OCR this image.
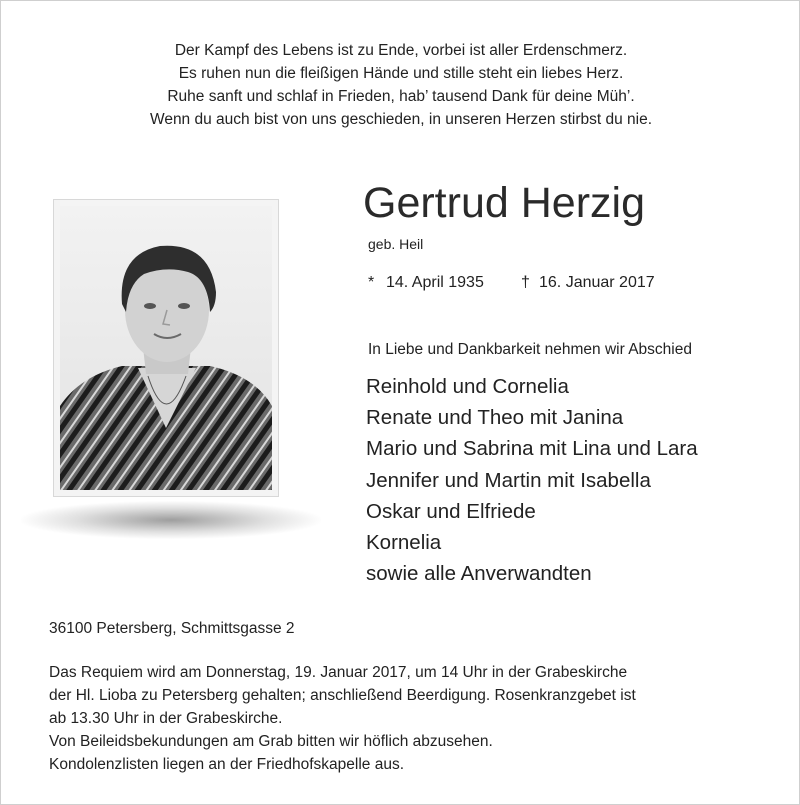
Der Kampf des Lebens ist zu Ende, vorbei ist aller Erdenschmerz.
Es ruhen nun die fleißigen Hände und stille steht ein liebes Herz.
Ruhe sanft und schlaf in Frieden, hab’ tausend Dank für deine Müh’.
Wenn du auch bist von uns geschieden, in unseren Herzen stirbst du nie.
Gertrud Herzig
geb. Heil
* 14. April 1935 † 16. Januar 2017
In Liebe und Dankbarkeit nehmen wir Abschied
Reinhold und Cornelia
Renate und Theo mit Janina
Mario und Sabrina mit Lina und Lara
Jennifer und Martin mit Isabella
Oskar und Elfriede
Kornelia
sowie alle Anverwandten
36100 Petersberg, Schmittsgasse 2
Das Requiem wird am Donnerstag, 19. Januar 2017, um 14 Uhr in der Grabeskirche
der Hl. Lioba zu Petersberg gehalten; anschließend Beerdigung. Rosenkranzgebet ist
ab 13.30 Uhr in der Grabeskirche.
Von Beileidsbekundungen am Grab bitten wir höflich abzusehen.
Kondolenzlisten liegen an der Friedhofskapelle aus.
